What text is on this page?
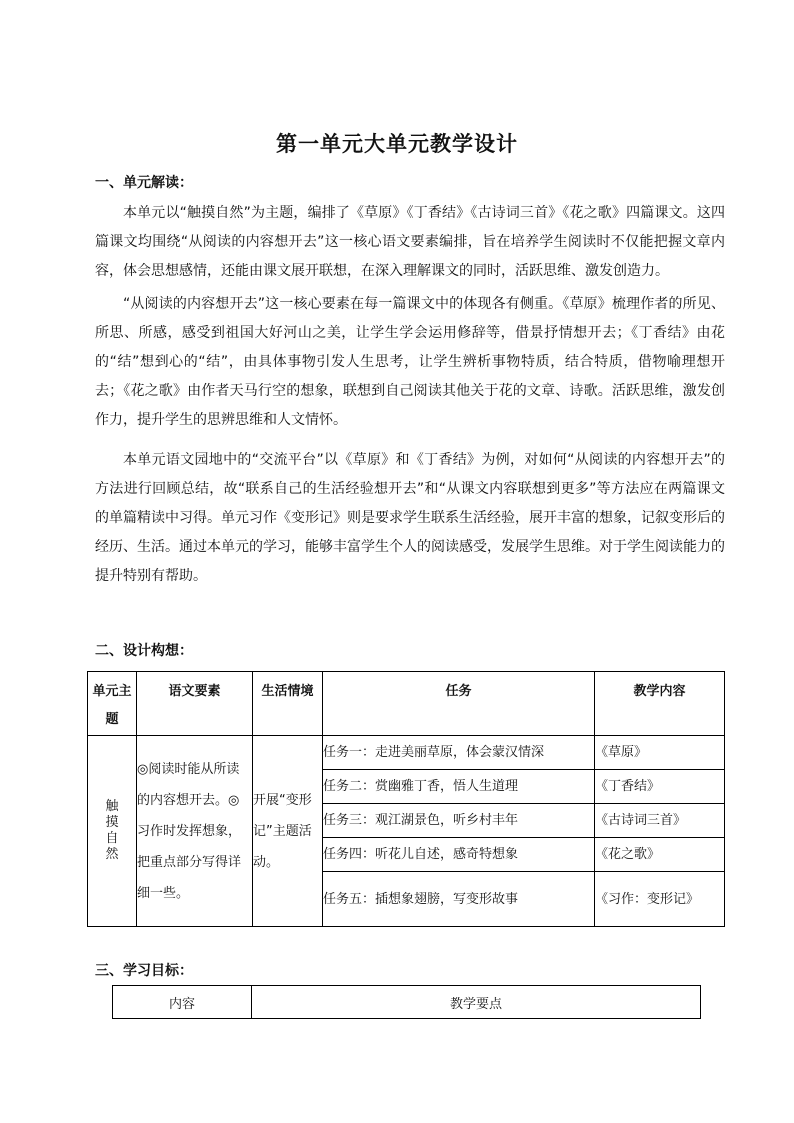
第一单元大单元教学设计
一、单元解读：
本单元以“触摸自然”为主题，编排了《草原》《丁香结》《古诗词三首》《花之歌》四篇课文。这四篇课文均围绕“从阅读的内容想开去”这一核心语文要素编排，旨在培养学生阅读时不仅能把握文章内容，体会思想感情，还能由课文展开联想，在深入理解课文的同时，活跃思维、激发创造力。
“从阅读的内容想开去”这一核心要素在每一篇课文中的体现各有侧重。《草原》梳理作者的所见、所思、所感，感受到祖国大好河山之美，让学生学会运用修辞等，借景抒情想开去；《丁香结》由花的“结”想到心的“结”，由具体事物引发人生思考，让学生辨析事物特质，结合特质，借物喻理想开去；《花之歌》由作者天马行空的想象，联想到自己阅读其他关于花的文章、诗歌。活跃思维，激发创作力，提升学生的思辨思维和人文情怀。
本单元语文园地中的“交流平台”以《草原》和《丁香结》为例，对如何“从阅读的内容想开去”的方法进行回顾总结，故“联系自己的生活经验想开去”和“从课文内容联想到更多”等方法应在两篇课文的单篇精读中习得。单元习作《变形记》则是要求学生联系生活经验，展开丰富的想象，记叙变形后的经历、生活。通过本单元的学习，能够丰富学生个人的阅读感受，发展学生思维。对于学生阅读能力的提升特别有帮助。
二、设计构想：
单元主题	语文要素	生活情境	任务	教学内容
触摸自然	◎阅读时能从所读的内容想开去。◎习作时发挥想象，把重点部分写得详细一些。	开展“变形记”主题活动。	任务一：走进美丽草原，体会蒙汉情深	《草原》
			任务二：赏幽雅丁香，悟人生道理	《丁香结》
			任务三：观江湖景色，听乡村丰年	《古诗词三首》
			任务四：听花儿自述，感奇特想象	《花之歌》
			任务五：插想象翅膀，写变形故事	《习作：变形记》
三、学习目标：
内容	教学要点
